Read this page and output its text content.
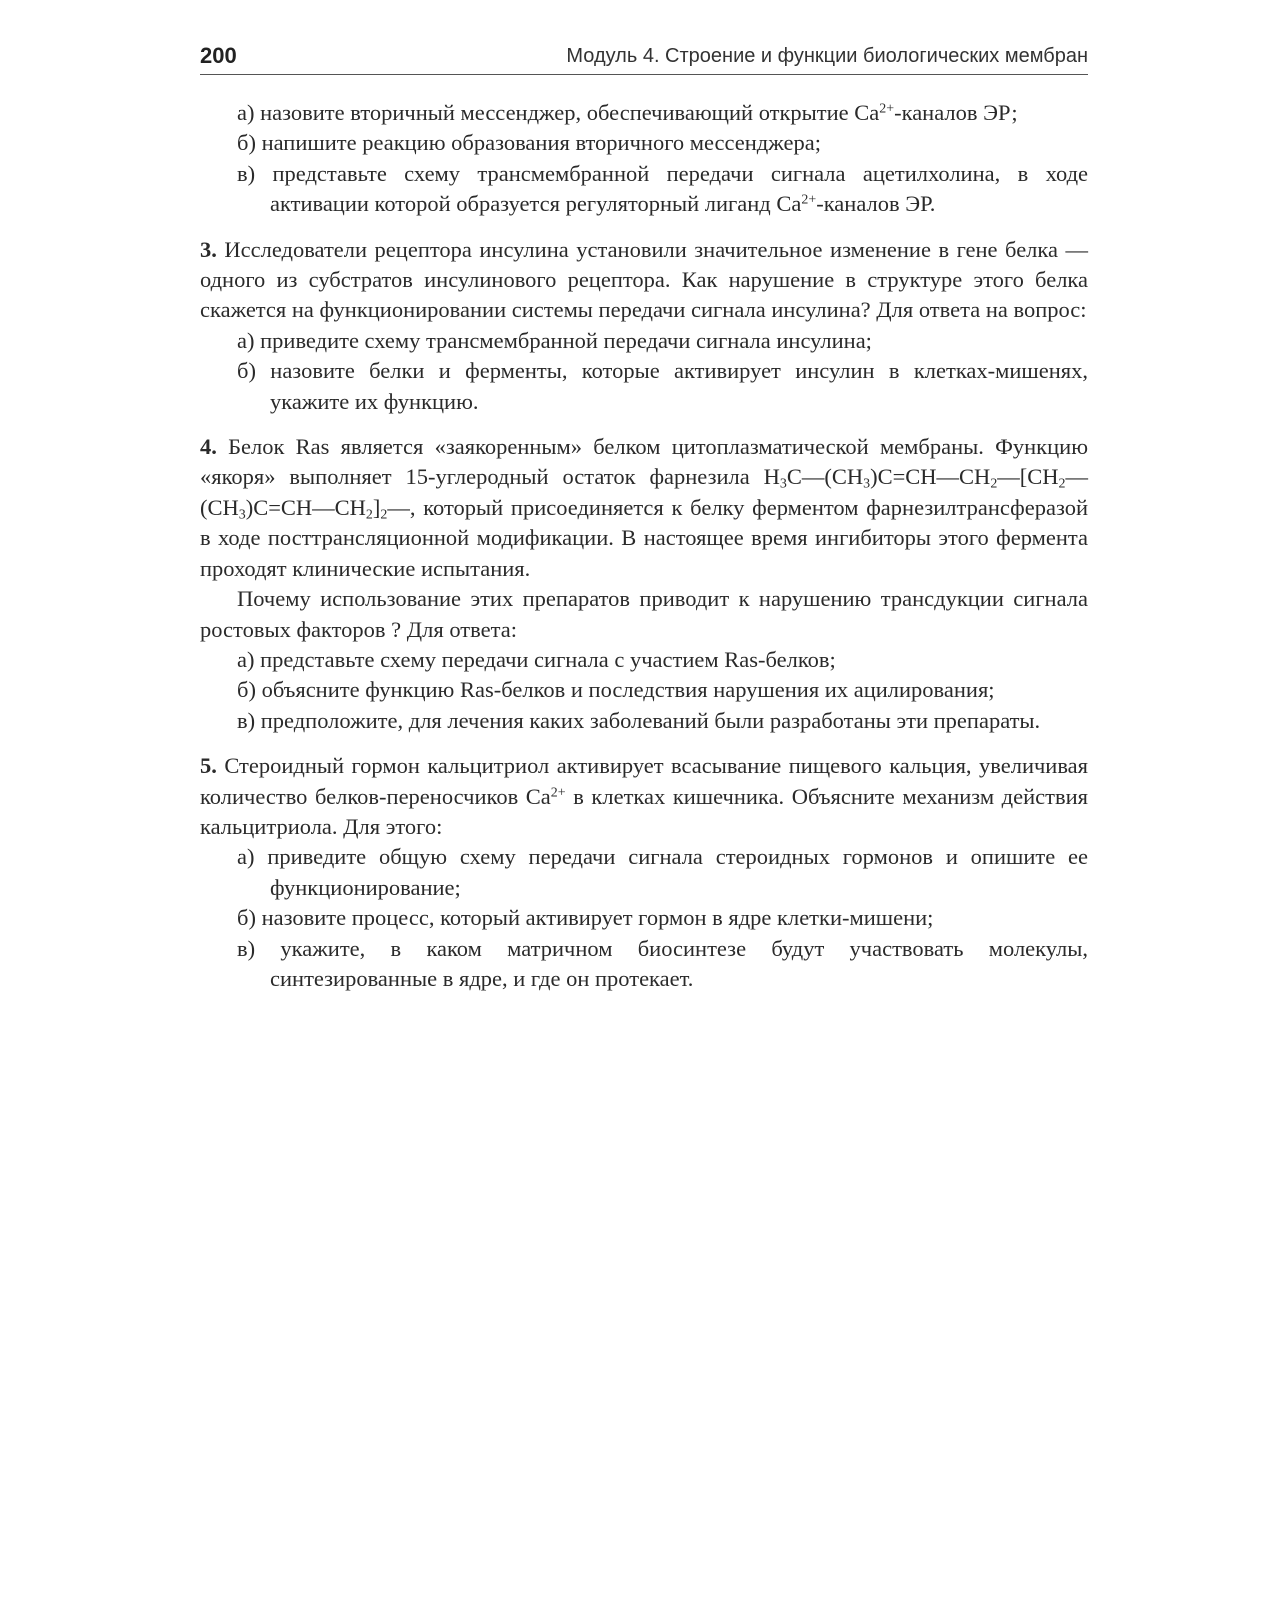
200	Модуль 4. Строение и функции биологических мембран
а) назовите вторичный мессенджер, обеспечивающий открытие $Ca^{2+}$-каналов ЭР;
б) напишите реакцию образования вторичного мессенджера;
в) представьте схему трансмембранной передачи сигнала ацетилхолина, в ходе активации которой образуется регуляторный лиганд $Ca^{2+}$-каналов ЭР.

3. Исследователи рецептора инсулина установили значительное изменение в гене белка — одного из субстратов инсулинового рецептора. Как нарушение в структуре этого белка скажется на функционировании системы передачи сигнала инсулина? Для ответа на вопрос:

а) приведите схему трансмембранной передачи сигнала инсулина;
б) назовите белки и ферменты, которые активирует инсулин в клетках-мишенях, укажите их функцию.

4. Белок Ras является «заякоренным» белком цитоплазматической мембраны. Функцию «якоря» выполняет 15-углеродный остаток фарнезила $H_3C—(CH_3)C=CH—CH_2—[CH_2—(CH_3)C=CH—CH_2]_2—$, который присоединяется к белку ферментом фарнезилтрансферазой в ходе посттрансляционной модификации. В настоящее время ингибиторы этого фермента проходят клинические испытания.

Почему использование этих препаратов приводит к нарушению трансдукции сигнала ростовых факторов ? Для ответа:

а) представьте схему передачи сигнала с участием Ras-белков;
б) объясните функцию Ras-белков и последствия нарушения их ацилирования;
в) предположите, для лечения каких заболеваний были разработаны эти препараты.

5. Стероидный гормон кальцитриол активирует всасывание пищевого кальция, увеличивая количество белков-переносчиков $Ca^{2+}$ в клетках кишечника. Объясните механизм действия кальцитриола. Для этого:

а) приведите общую схему передачи сигнала стероидных гормонов и опишите ее функционирование;
б) назовите процесс, который активирует гормон в ядре клетки-мишени;
в) укажите, в каком матричном биосинтезе будут участвовать молекулы, синтезированные в ядре, и где он протекает.
